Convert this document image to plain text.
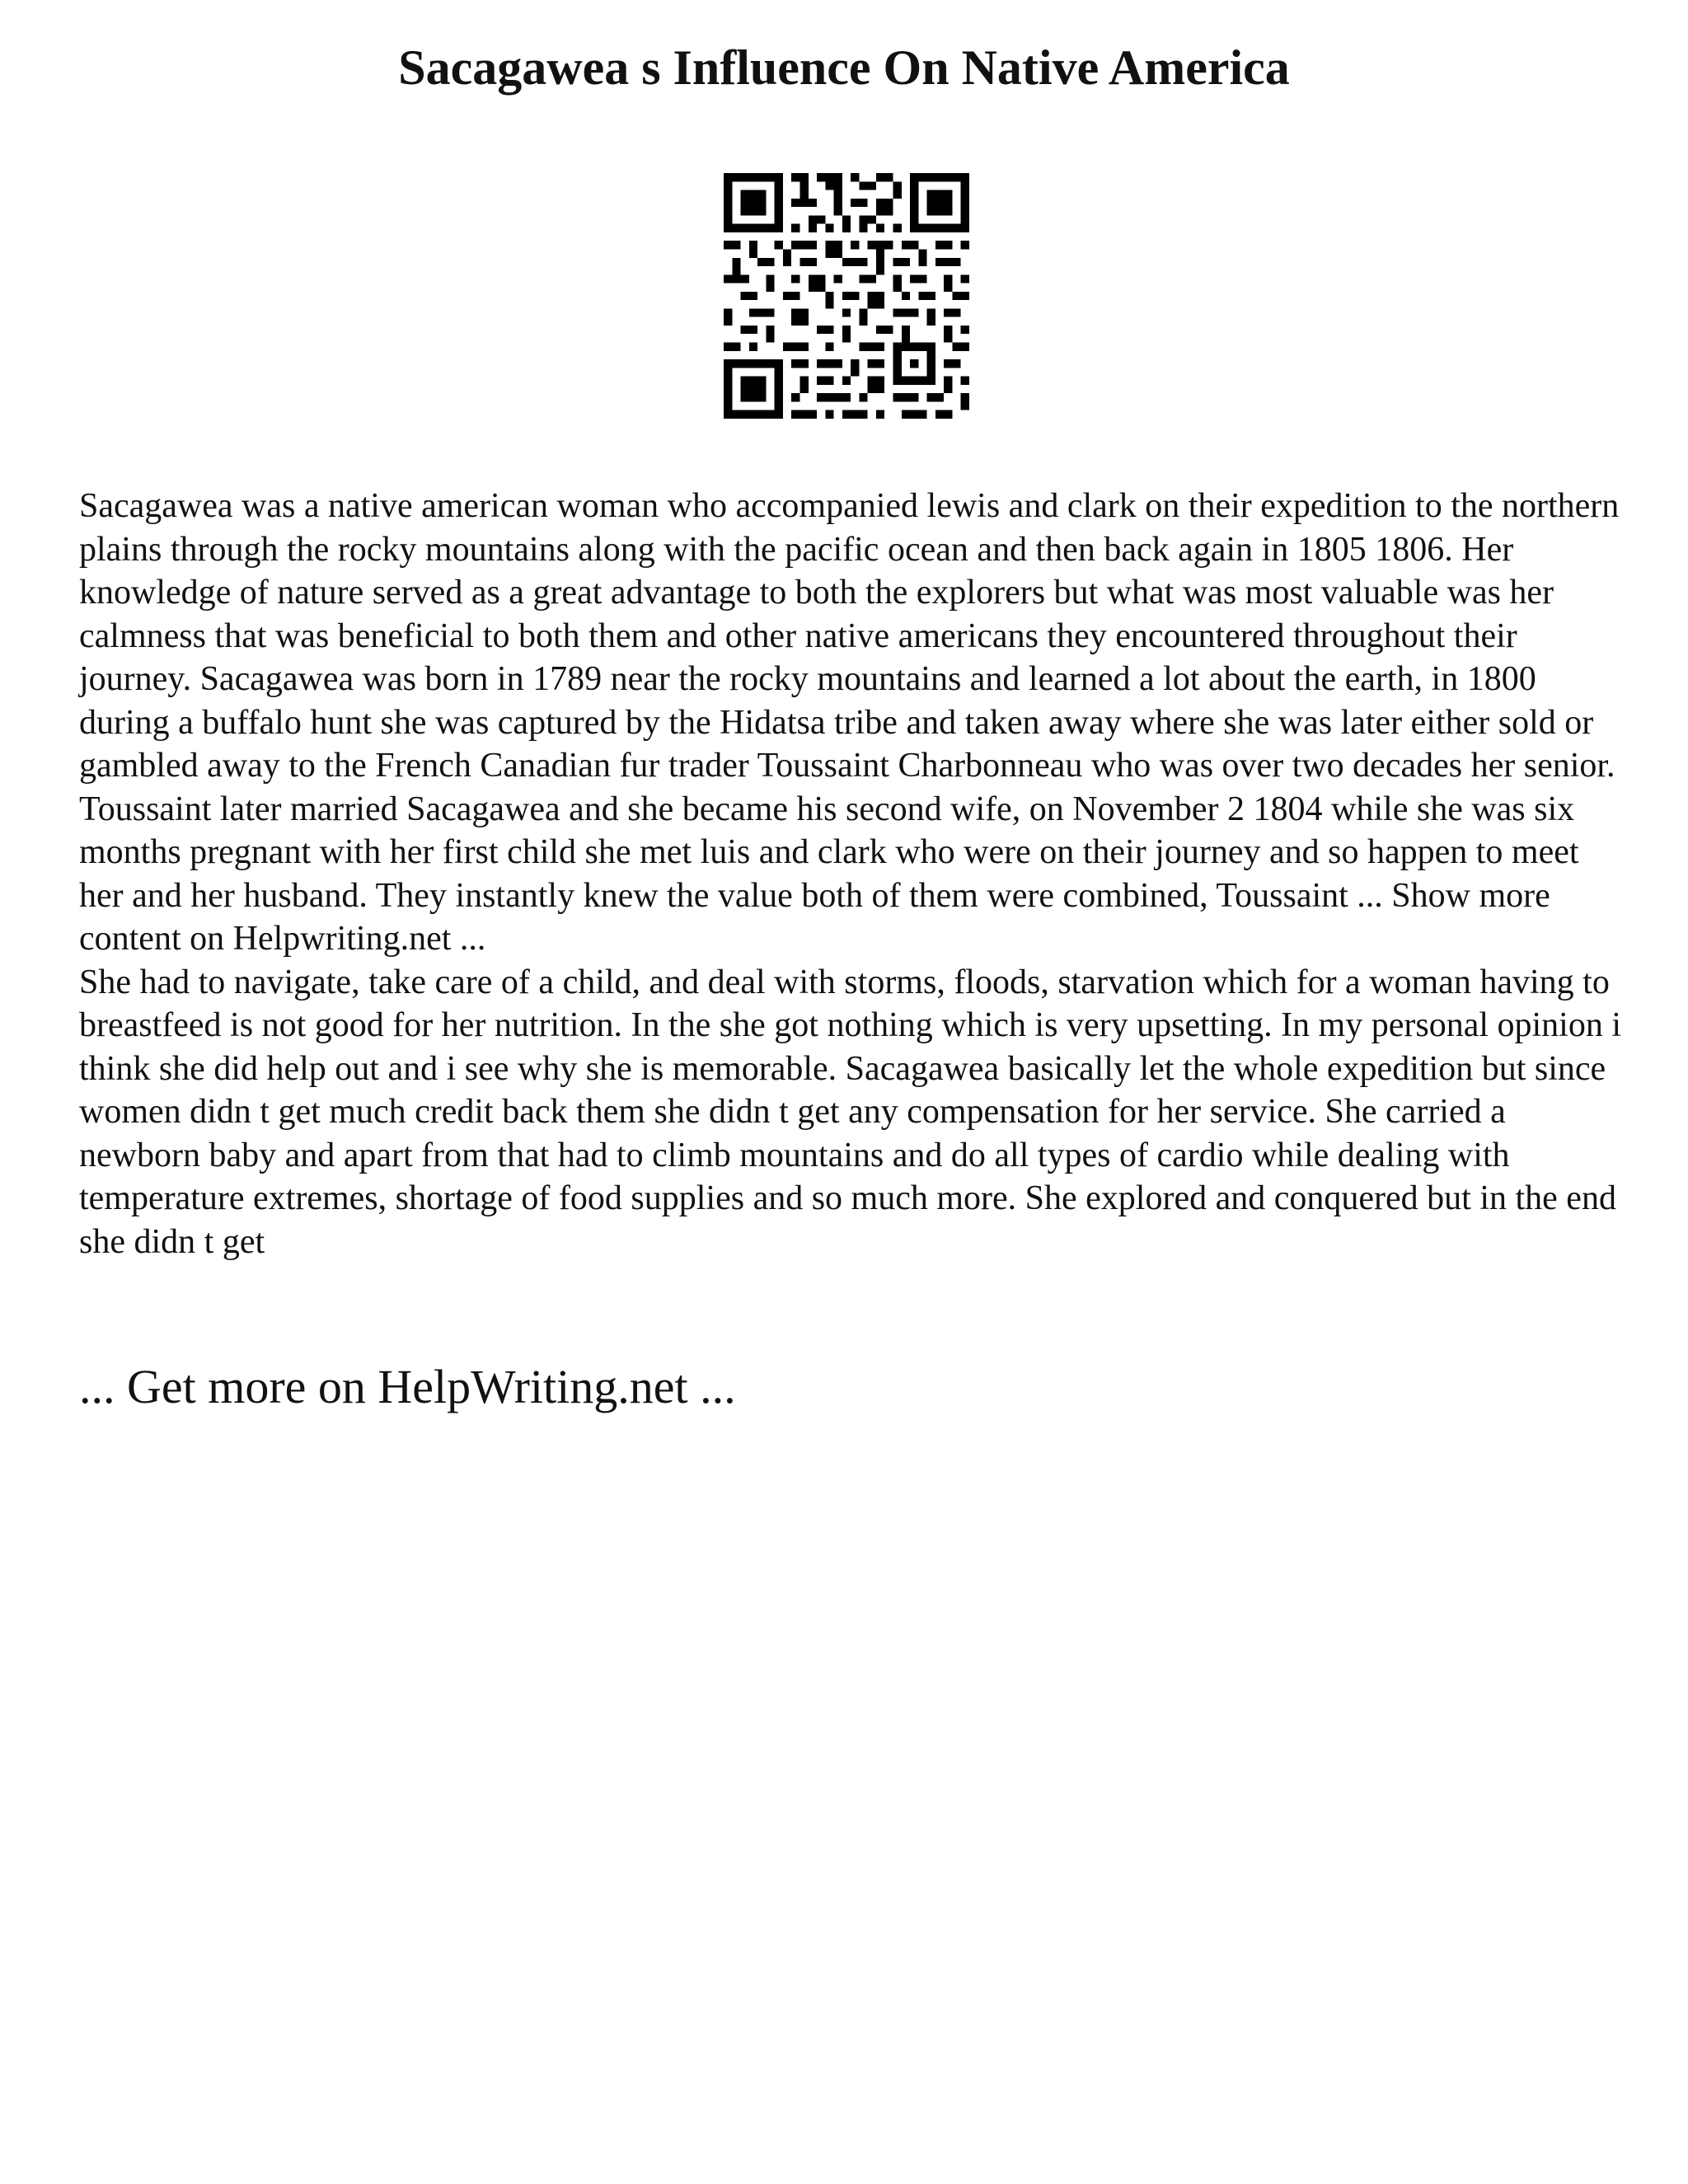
Sacagawea s Influence On Native America

Sacagawea was a native american woman who accompanied lewis and clark on their expedition to the northern plains through the rocky mountains along with the pacific ocean and then back again in 1805 1806. Her knowledge of nature served as a great advantage to both the explorers but what was most valuable was her calmness that was beneficial to both them and other native americans they encountered throughout their journey. Sacagawea was born in 1789 near the rocky mountains and learned a lot about the earth, in 1800 during a buffalo hunt she was captured by the Hidatsa tribe and taken away where she was later either sold or gambled away to the French Canadian fur trader Toussaint Charbonneau who was over two decades her senior. Toussaint later married Sacagawea and she became his second wife, on November 2 1804 while she was six months pregnant with her first child she met luis and clark who were on their journey and so happen to meet her and her husband. They instantly knew the value both of them were combined, Toussaint ... Show more content on Helpwriting.net ...

She had to navigate, take care of a child, and deal with storms, floods, starvation which for a woman having to breastfeed is not good for her nutrition. In the she got nothing which is very upsetting. In my personal opinion i think she did help out and i see why she is memorable. Sacagawea basically let the whole expedition but since women didn t get much credit back them she didn t get any compensation for her service. She carried a newborn baby and apart from that had to climb mountains and do all types of cardio while dealing with temperature extremes, shortage of food supplies and so much more. She explored and conquered but in the end she didn t get

... Get more on HelpWriting.net ...
